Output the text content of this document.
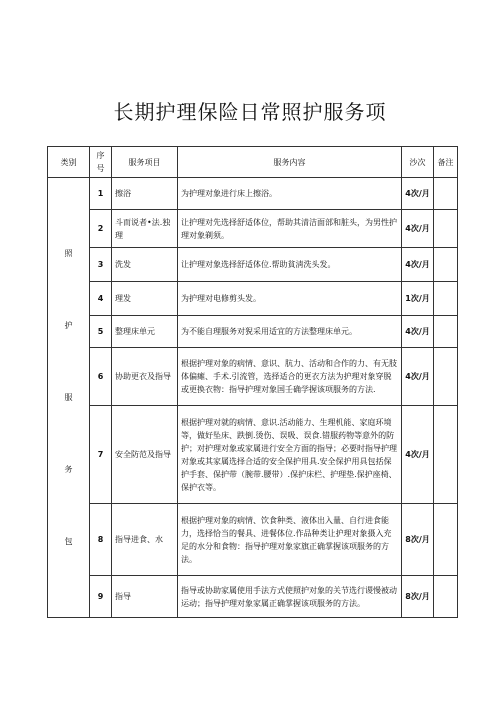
长期护理保险日常照护服务项
类别	序号	服务项目	服务内容	沙次	备注

照
护
服
务
包	1	擦浴	为护理对象进行床上擦浴。	4次/月	
	2	斗而说者•法.独理	让护理对先选择舒适体位，帮助其清洁面部和脏头，为男性护理对象剃须。	4次/月	
	3	洗发	让护理对象选择舒适体位.帮助貧淸洗头发。	4次/月	
	4	理发	为护理对电修剪头发。	1次/月	
	5	整理床单元	为不能自理服务对猊采用适宜的方法整理床单元。	4次/月	
	6	协助更衣及指导	根据护理对象的病情、意识、肮力、活动和合作的力、有无肢体偏瘫、手术.引流管，选择适合的更衣方法为护理对象穿脱或更换衣物：指导护理对象国壬确学握该项服务的方法.	4次/月	
	7	安全防范及指导	根据护理对就的病情、意识.活动能力、生理机能、家庭环境等，做好坠床、跌倒.烫伤、误吸、误食.错服药物等意外的防护；对护理对象或家属进行安全方面的指导；必要时指导护理对象或其家属选择合适的安全保护用具.安全保护用具包括保护手套、保护带（腕带.腰带）.保护床栏、护理垫.保护座椅、保护衣等。	4次/月	
	8	指导进食、水	根据护理对象的病情、饮食种类、液体出入量、自行进食能力，选择恰当的餐具、进餐体位.作品种类让护理对象摄入充足的水分和食物：指导护理对象家旗正确掌握该项服务的方法。	8次/月	
	9	指导	指导或协助家属使用手法方式使照护对象的关节选行谡慢被动运动；指导护理对象家属正确掌握该项服务的方法。	8次/月	
